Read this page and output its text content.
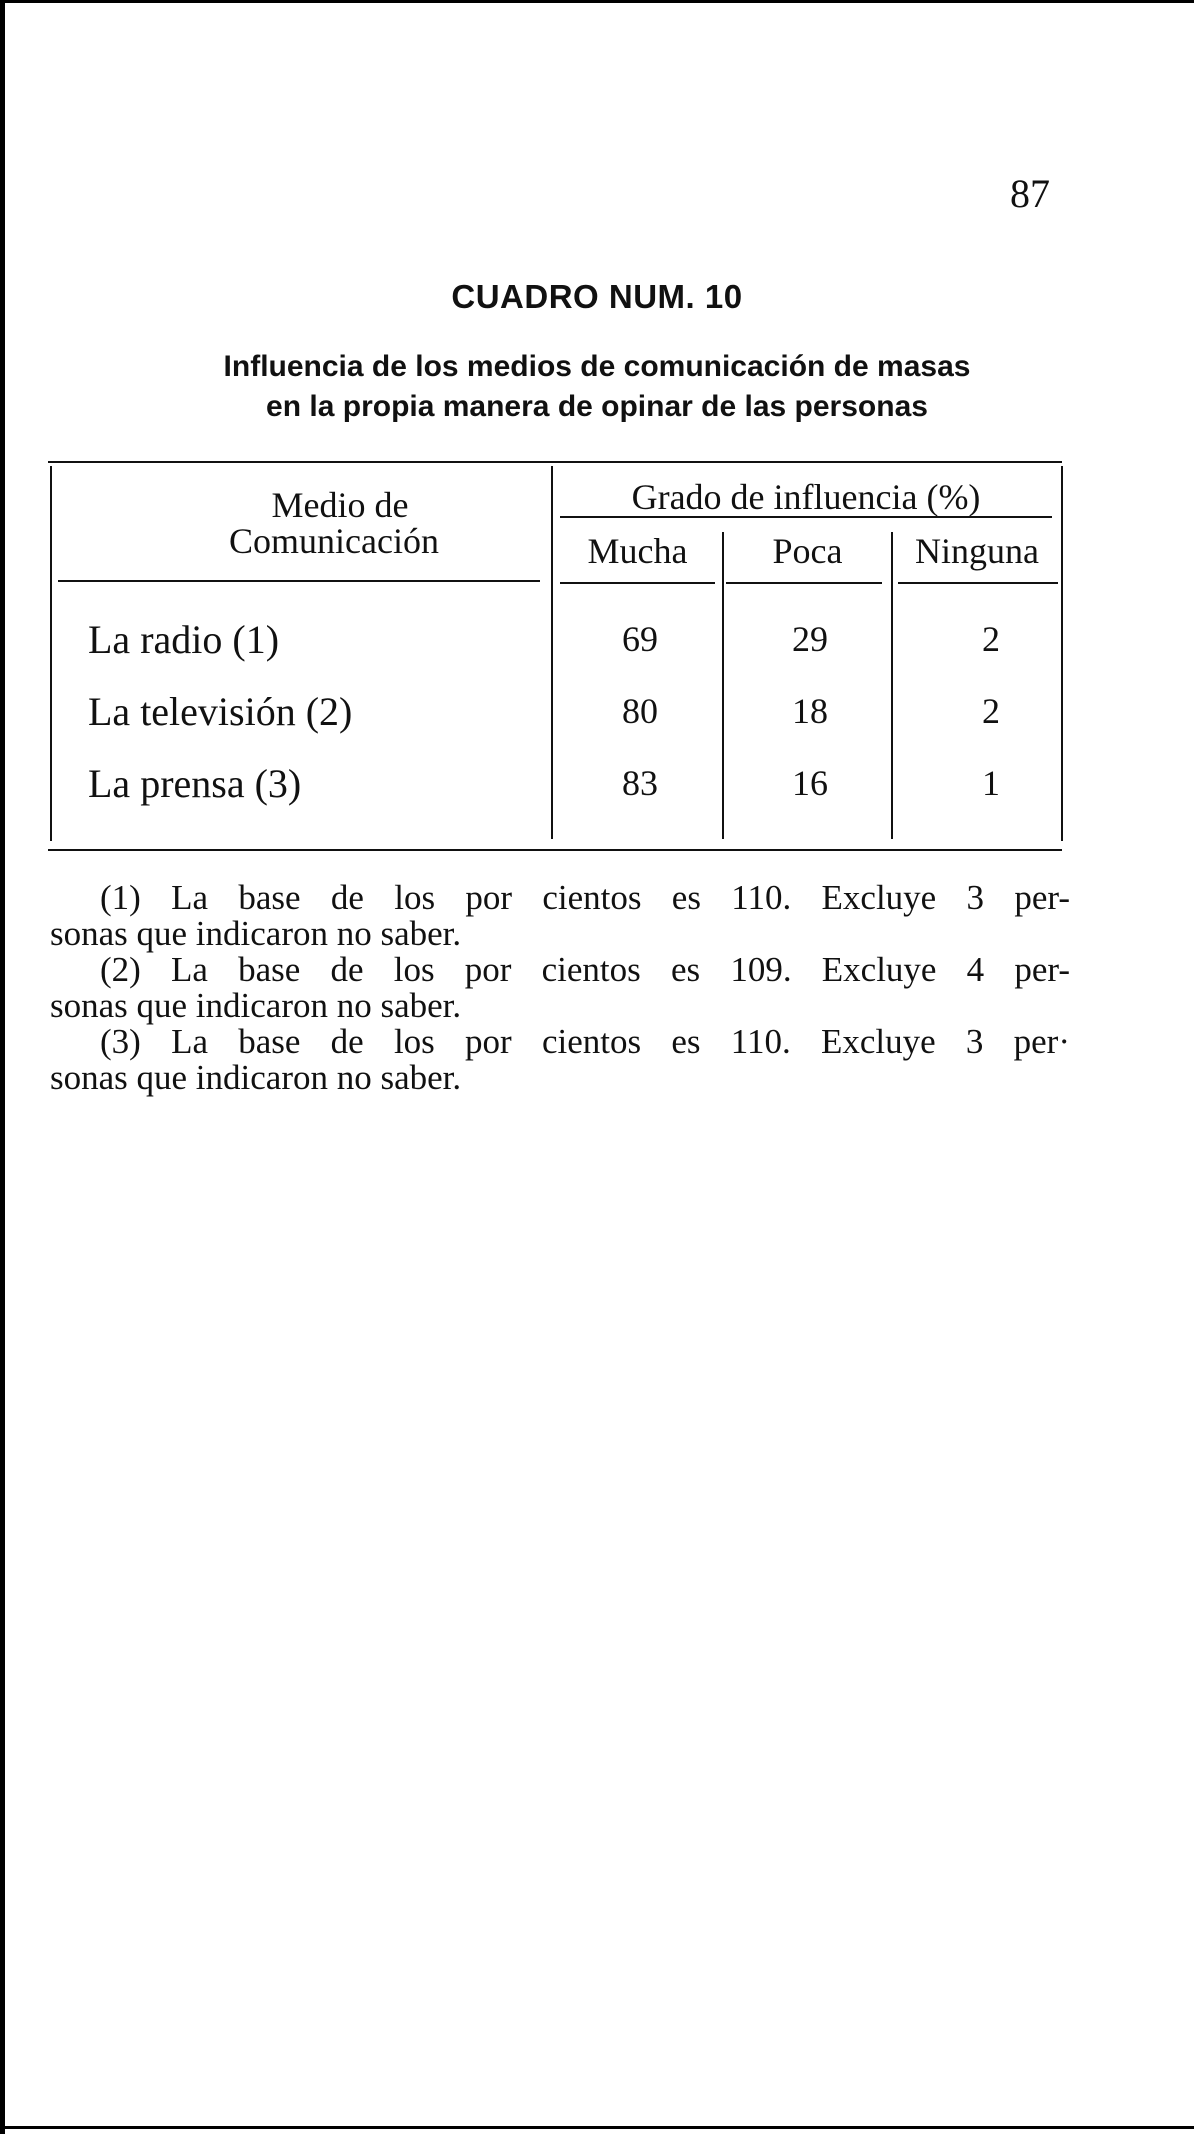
87
CUADRO NUM. 10
Influencia de los medios de comunicación de masas
en la propia manera de opinar de las personas
Medio de
Comunicación
Grado de influencia (%)
Mucha	Poca	Ninguna
La radio (1)	69	29	2
La televisión (2)	80	18	2
La prensa (3)	83	16	1
(1) La base de los por cientos es 110. Excluye 3 per-
sonas que indicaron no saber.
(2) La base de los por cientos es 109. Excluye 4 per-
sonas que indicaron no saber.
(3) La base de los por cientos es 110. Excluye 3 per·
sonas que indicaron no saber.
